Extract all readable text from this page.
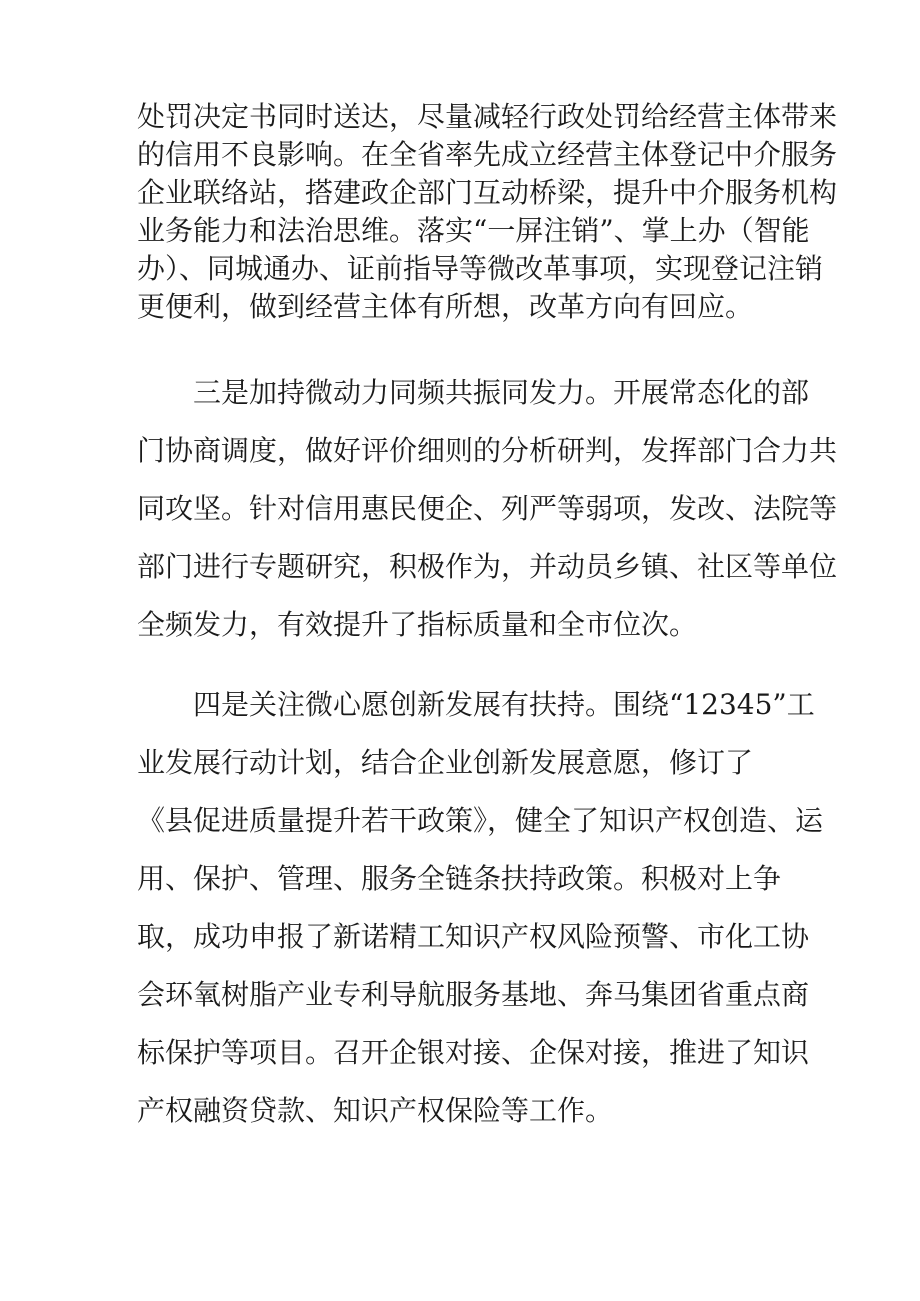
处罚决定书同时送达，尽量减轻行政处罚给经营主体带来
的信用不良影响。在全省率先成立经营主体登记中介服务
企业联络站，搭建政企部门互动桥梁，提升中介服务机构
业务能力和法治思维。落实“一屏注销”、掌上办（智能
办）、同城通办、证前指导等微改革事项，实现登记注销
更便利，做到经营主体有所想，改革方向有回应。
　　三是加持微动力同频共振同发力。开展常态化的部
门协商调度，做好评价细则的分析研判，发挥部门合力共
同攻坚。针对信用惠民便企、列严等弱项，发改、法院等
部门进行专题研究，积极作为，并动员乡镇、社区等单位
全频发力，有效提升了指标质量和全市位次。
　　四是关注微心愿创新发展有扶持。围绕“12345”工
业发展行动计划，结合企业创新发展意愿，修订了
《县促进质量提升若干政策》，健全了知识产权创造、运
用、保护、管理、服务全链条扶持政策。积极对上争
取，成功申报了新诺精工知识产权风险预警、市化工协
会环氧树脂产业专利导航服务基地、奔马集团省重点商
标保护等项目。召开企银对接、企保对接，推进了知识
产权融资贷款、知识产权保险等工作。
